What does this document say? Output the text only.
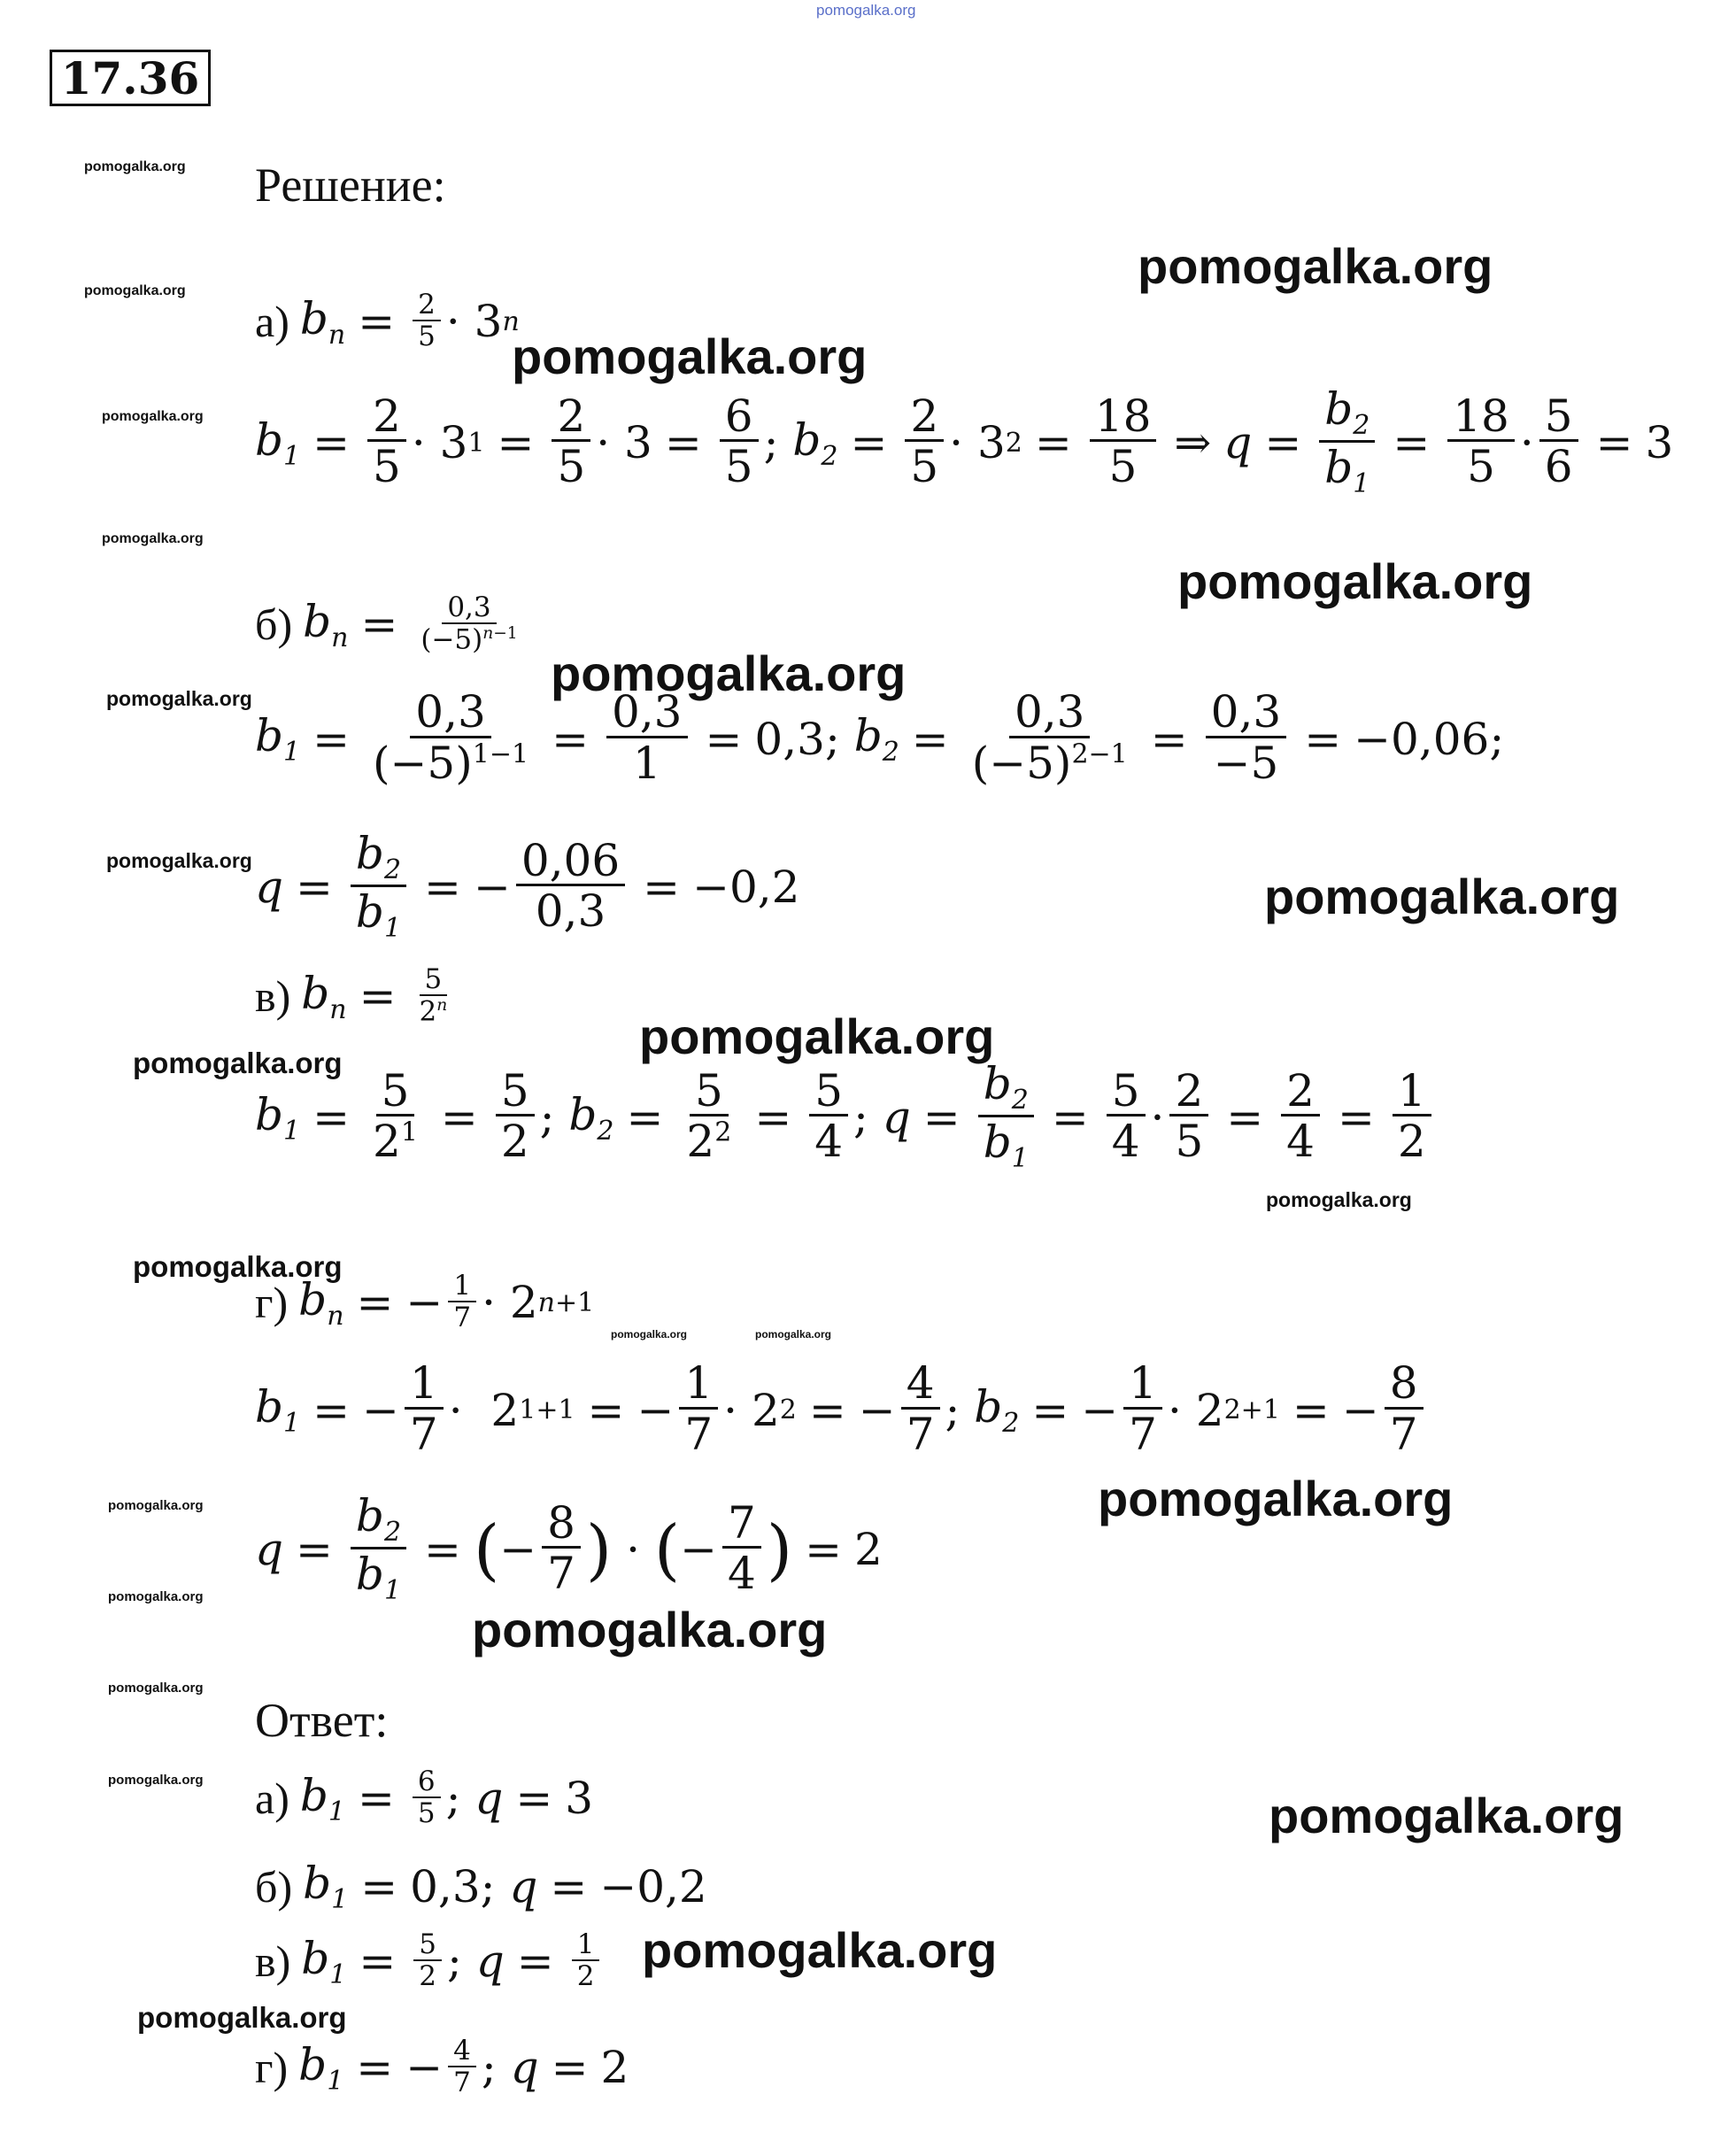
pomogalka.org
17.36
pomogalka.org
pomogalka.org
pomogalka.org
pomogalka.org
pomogalka.org
pomogalka.org
pomogalka.org
pomogalka.org
pomogalka.org
pomogalka.org	pomogalka.org
pomogalka.org
pomogalka.org
pomogalka.org
pomogalka.org
pomogalka.org
pomogalka.org
pomogalka.org
pomogalka.org
pomogalka.org
pomogalka.org
pomogalka.org
pomogalka.org
pomogalka.org
pomogalka.org
pomogalka.org
Решение:
а) $b_n = \frac{2}{5} \cdot 3$ n
$b_1 = \frac{2}{5} \cdot 3$ $1 = \frac{2}{5} \cdot 3 = \frac{6}{5}$ ; $b_2 = \frac{2}{5} \cdot 3$ $2 = \frac{18}{5}$ ⇒ $q = \frac{b_2}{b_1} = \frac{18}{5} \cdot \frac{5}{6} = 3$
б) $b_n = \frac{0,3}{(-5)^{n-1}}$
$b_1 = \frac{0,3}{(-5)^{1-1}} = \frac{0,3}{1} = 0,3$ ; $b_2 = \frac{0,3}{(-5)^{2-1}} = \frac{0,3}{-5} = -0,06$;
$q = \frac{b_2}{b_1}$ = − $\frac{0,06}{0,3} = -0,2$
в) $b_n = \frac{5}{2^n}$
$b_1 = \frac{5}{2^1} = \frac{5}{2}$ ; $b_2 = \frac{5}{2^2} = \frac{5}{4}$ ; $q = \frac{b_2}{b_1} = \frac{5}{4} \cdot \frac{2}{5} = \frac{2}{4} = \frac{1}{2}$
г) $b_n$ = − $\frac{1}{7} \cdot 2$ n+1
$b_1$ = − $\frac{1}{7} \cdot 2$ 1+1 = − $\frac{1}{7} \cdot 2$ 2 = − $\frac{4}{7}$ ; $b_2$ = − $\frac{1}{7} \cdot 2$ 2+1 = − $\frac{8}{7}$
$q = \frac{b_2}{b_1}$ = ( − $\frac{8}{7}$ ) · ( − $\frac{7}{4}$ ) = 2
Ответ:
а) $b_1 = \frac{6}{5}$ ; q = 3
б) $b_1 = 0,3$ ; q = −0,2
в) $b_1 = \frac{5}{2}$ ; $q = \frac{1}{2}$
г) $b_1$ = − $\frac{4}{7}$ ; q = 2
